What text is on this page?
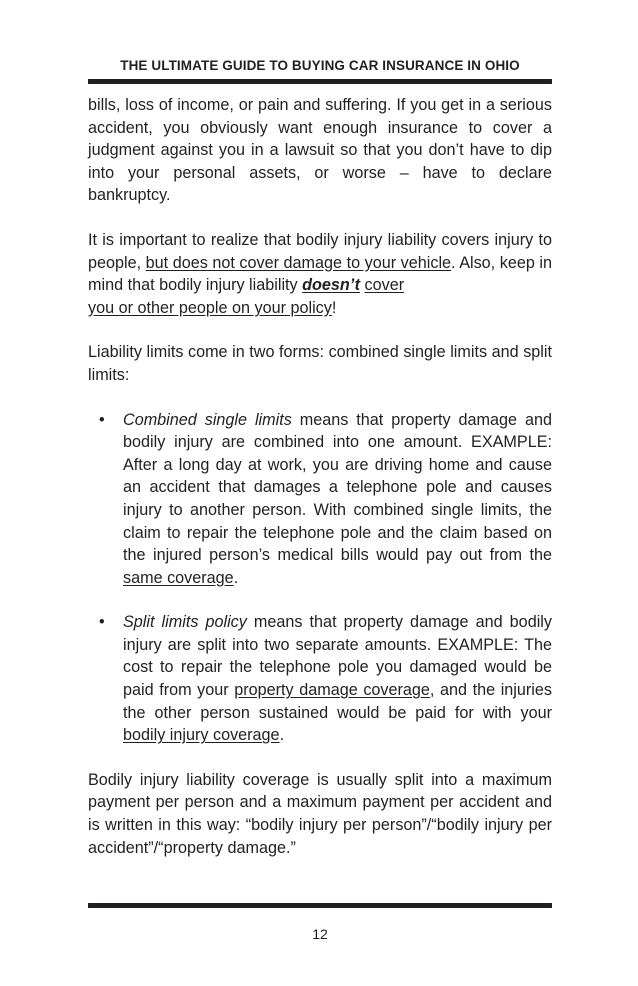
THE ULTIMATE GUIDE TO BUYING CAR INSURANCE IN OHIO

bills, loss of income, or pain and suffering. If you get in a serious accident, you obviously want enough insurance to cover a judgment against you in a lawsuit so that you don’t have to dip into your personal assets, or worse – have to declare bankruptcy.

It is important to realize that bodily injury liability covers injury to people, but does not cover damage to your vehicle. Also, keep in mind that bodily injury liability doesn’t cover
you or other people on your policy!

Liability limits come in two forms: combined single limits and split limits:

• Combined single limits means that property damage and bodily injury are combined into one amount. EXAMPLE: After a long day at work, you are driving home and cause an accident that damages a telephone pole and causes injury to another person. With combined single limits, the claim to repair the telephone pole and the claim based on the injured person’s medical bills would pay out from the same coverage.
• Split limits policy means that property damage and bodily injury are split into two separate amounts. EXAMPLE: The cost to repair the telephone pole you damaged would be paid from your property damage coverage, and the injuries the other person sustained would be paid for with your bodily injury coverage.

Bodily injury liability coverage is usually split into a maximum payment per person and a maximum payment per accident and is written in this way: “bodily injury per person”/“bodily injury per accident”/“property damage.”

12
